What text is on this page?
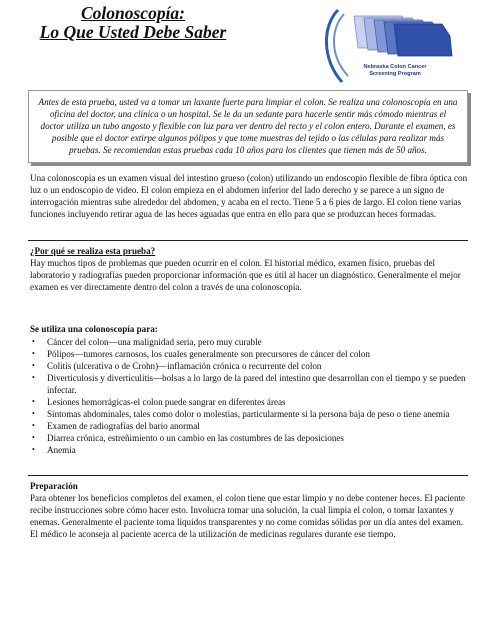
Colonoscopía:
Lo Que Usted Debe Saber
Nebraska Colon Cancer
Screening Program

Antes de esta prueba, usted va a tomar un laxante fuerte para limpiar el colon. Se realiza una colonoscopía en una oficina del doctor, una clínica o un hospital. Se le da un sedante para hacerle sentir más cómodo mientras el doctor utiliza un tubo angosto y flexible con luz para ver dentro del recto y el colon entero. Durante el examen, es posible que el doctor extirpe algunos pólipos y que tome muestras del tejido o las células para realizar más pruebas. Se recomiendan estas pruebas cada 10 años para los clientes que tienen más de 50 años.

Una colonoscopía es un examen visual del intestino grueso (colon) utilizando un endoscopio flexible de fibra óptica con luz o un endoscopio de video. El colon empieza en el abdomen inferior del lado derecho y se parece a un signo de interrogación mientras sube alrededor del abdomen, y acaba en el recto. Tiene 5 a 6 pies de largo. El colon tiene varias funciones incluyendo retirar agua de las heces aguadas que entra en ello para que se produzcan heces formadas.

¿Por qué se realiza esta prueba?

Hay muchos tipos de problemas que pueden ocurrir en el colon. El historial médico, examen físico, pruebas del laboratorio y radiografías pueden proporcionar información que es útil al hacer un diagnóstico. Generalmente el mejor examen es ver directamente dentro del colon a través de una colonoscopía.

Se utiliza una colonoscopía para:
• Cáncer del colon—una malignidad seria, pero muy curable
• Pólipos—tumores carnosos, los cuales generalmente son precursores de cáncer del colon
• Colitis (ulcerativa o de Crohn)—inflamación crónica o recurrente del colon
• Diverticulosis y diverticulitis—bolsas a lo largo de la pared del intestino que desarrollan con el tiempo y se pueden infectar.
• Lesiones hemorrágicas-el colon puede sangrar en diferentes áreas
• Síntomas abdominales, tales como dolor o molestias, particularmente si la persona baja de peso o tiene anemia
• Examen de radiografías del bario anormal
• Diarrea crónica, estreñimiento o un cambio en las costumbres de las deposiciones
• Anemia
Preparación

Para obtener los beneficios completos del examen, el colon tiene que estar limpio y no debe contener heces. El paciente recibe instrucciones sobre cómo hacer esto. Involucra tomar una solución, la cual limpia el colon, o tomar laxantes y enemas. Generalmente el paciente toma líquidos transparentes y no come comidas sólidas por un día antes del examen. El médico le aconseja al paciente acerca de la utilización de medicinas regulares durante ese tiempo.
